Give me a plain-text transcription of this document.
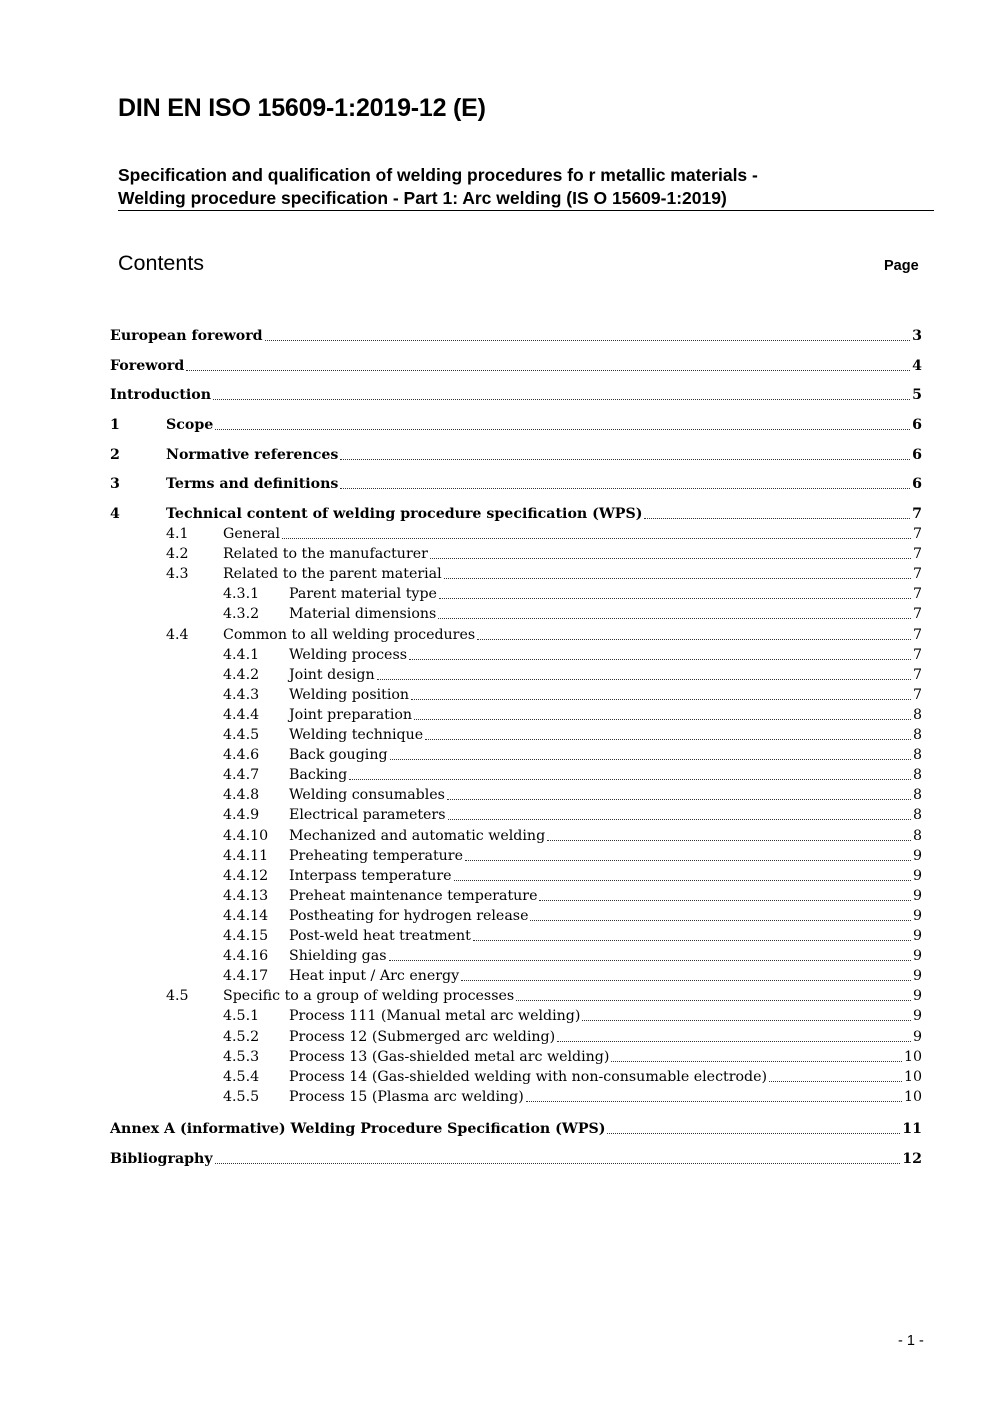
DIN EN ISO 15609-1:2019-12 (E)
Specification and qualification of welding procedures fo r metallic materials -
Welding procedure specification - Part 1: Arc welding (IS O 15609-1:2019)
Contents	Page
European foreword	3
Foreword	4
Introduction	5
1	Scope	6
2	Normative references	6
3	Terms and definitions	6
4	Technical content of welding procedure specification (WPS)	7
4.1	General	7
4.2	Related to the manufacturer	7
4.3	Related to the parent material	7
4.3.1	Parent material type	7
4.3.2	Material dimensions	7
4.4	Common to all welding procedures	7
4.4.1	Welding process	7
4.4.2	Joint design	7
4.4.3	Welding position	7
4.4.4	Joint preparation	8
4.4.5	Welding technique	8
4.4.6	Back gouging	8
4.4.7	Backing	8
4.4.8	Welding consumables	8
4.4.9	Electrical parameters	8
4.4.10	Mechanized and automatic welding	8
4.4.11	Preheating temperature	9
4.4.12	Interpass temperature	9
4.4.13	Preheat maintenance temperature	9
4.4.14	Postheating for hydrogen release	9
4.4.15	Post-weld heat treatment	9
4.4.16	Shielding gas	9
4.4.17	Heat input / Arc energy	9
4.5	Specific to a group of welding processes	9
4.5.1	Process 111 (Manual metal arc welding)	9
4.5.2	Process 12 (Submerged arc welding)	9
4.5.3	Process 13 (Gas-shielded metal arc welding)	10
4.5.4	Process 14 (Gas-shielded welding with non-consumable electrode)	10
4.5.5	Process 15 (Plasma arc welding)	10
Annex A (informative) Welding Procedure Specification (WPS)	11
Bibliography	12
- 1 -
